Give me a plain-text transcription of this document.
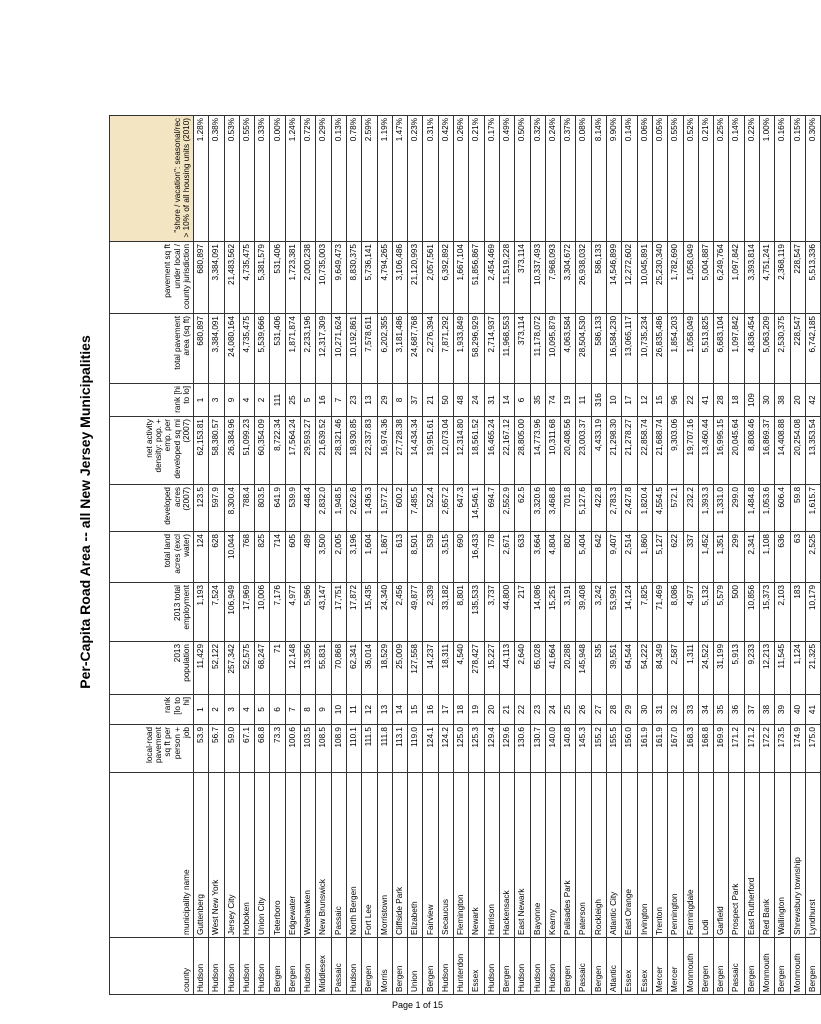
Per-Capita Road Area -- all New Jersey Municipalities
county	municipality name	local-road pavement sq ft per person + job	rank [lo to hi]	2013 population	2013 total employment	total land acres (excl water)	developed acres (2007)	net activity density: pop. + emp. per developed sq mi (2007)	rank [hi to lo]	total pavement area (sq ft)	pavement sq ft under local / county jurisdiction	"shore / vacation": seasonal/rec > 10% of all housing units (2010)
Hudson	Guttenberg	53.9	1	11,429	1,193	124	123.5	62,153.81	1	680,897	680,897	1.28%
Hudson	West New York	56.7	2	52,122	7,524	628	597.9	58,380.57	3	3,384,091	3,384,091	0.38%
Hudson	Jersey City	59.0	3	257,342	106,949	10,044	8,300.4	26,384.96	9	24,080,164	21,483,562	0.53%
Hudson	Hoboken	67.1	4	52,575	17,969	768	788.4	51,099.23	4	4,735,475	4,735,475	0.55%
Hudson	Union City	68.8	5	68,247	10,006	825	803.5	60,354.09	2	5,539,666	5,381,579	0.33%
Bergen	Teterboro	73.3	6	71	7,176	714	641.9	8,722.34	111	531,406	531,406	0.00%
Bergen	Edgewater	100.6	7	12,148	4,977	605	539.9	17,564.24	25	1,871,874	1,723,381	1.24%
Hudson	Weehawken	103.5	8	13,356	5,966	489	448.4	29,593.27	5	2,233,196	2,000,238	0.72%
Middlesex	New Brunswick	108.5	9	55,831	43,147	3,500	2,832.0	21,639.52	16	12,317,309	10,735,003	0.29%
Passaic	Passaic	108.9	10	70,868	17,751	2,005	1,948.5	28,321.46	7	10,271,624	9,649,473	0.13%
Hudson	North Bergen	110.1	11	62,341	17,872	3,196	2,622.6	18,930.85	23	10,192,861	8,830,375	0.78%
Bergen	Fort Lee	111.5	12	36,014	15,435	1,604	1,436.3	22,337.83	13	7,578,611	5,736,141	2.59%
Morris	Morristown	111.8	13	18,529	24,340	1,867	1,577.2	16,974.36	29	6,202,355	4,794,265	1.19%
Bergen	Cliffside Park	113.1	14	25,009	2,456	613	600.2	27,728.38	8	3,181,486	3,106,486	1.47%
Union	Elizabeth	119.0	15	127,558	49,877	8,501	7,485.5	14,434.34	37	24,687,768	21,120,993	0.23%
Bergen	Fairview	124.1	16	14,237	2,339	539	522.4	19,951.61	21	2,276,394	2,057,561	0.31%
Hudson	Secaucus	124.2	17	18,311	33,182	3,515	2,657.2	12,073.04	50	7,871,292	6,392,892	0.42%
Hunterdon	Flemington	125.0	18	4,540	8,801	690	647.3	12,314.80	48	1,933,849	1,667,104	0.26%
Essex	Newark	125.3	19	278,427	135,533	16,433	14,546.1	18,561.52	24	58,296,929	51,856,867	0.21%
Hudson	Harrison	129.4	20	15,227	3,737	778	694.7	16,465.24	31	2,714,937	2,454,469	0.17%
Bergen	Hackensack	129.6	21	44,113	44,800	2,671	2,552.9	22,167.12	14	11,968,553	11,519,228	0.49%
Hudson	East Newark	130.6	22	2,640	217	633	62.5	28,805.00	6	373,114	373,114	0.50%
Hudson	Bayonne	130.7	23	65,028	14,086	3,664	3,320.6	14,773.96	35	11,178,072	10,337,493	0.32%
Hudson	Kearny	140.0	24	41,664	15,251	4,804	3,468.8	10,311.68	74	10,095,879	7,968,093	0.24%
Bergen	Palisades Park	140.8	25	20,288	3,191	802	701.8	20,408.56	19	4,063,584	3,304,672	0.37%
Passaic	Paterson	145.3	26	145,948	39,408	5,404	5,127.6	23,003.37	11	28,504,530	26,938,032	0.08%
Bergen	Rockleigh	155.2	27	535	3,242	642	422.8	4,433.19	316	586,133	586,133	8.14%
Atlantic	Atlantic City	155.5	28	39,551	53,991	9,407	2,783.3	21,298.30	10	16,584,230	14,546,899	9.90%
Essex	East Orange	156.0	29	64,544	14,124	2,514	2,427.8	21,278.27	17	13,065,117	12,272,602	0.14%
Essex	Irvington	161.9	30	54,222	7,825	1,860	1,820.4	22,858.74	12	10,735,234	10,045,891	0.06%
Mercer	Trenton	161.9	31	84,349	71,469	5,127	4,554.5	21,688.74	15	26,835,486	25,230,340	0.05%
Mercer	Pennington	167.0	32	2,587	8,086	622	572.1	9,303.06	96	1,854,203	1,782,690	0.55%
Monmouth	Farmingdale	168.3	33	1,311	4,977	337	232.2	19,707.16	22	1,058,049	1,058,049	0.52%
Bergen	Lodi	168.8	34	24,522	5,132	1,452	1,393.3	13,460.44	41	5,513,825	5,004,887	0.21%
Bergen	Garfield	169.9	35	31,199	5,579	1,351	1,331.0	16,995.15	28	6,683,104	6,249,764	0.25%
Passaic	Prospect Park	171.2	36	5,913	500	299	299.0	20,045.64	18	1,097,842	1,097,842	0.14%
Bergen	East Rutherford	171.2	37	9,233	10,856	2,341	1,484.8	8,808.46	109	4,836,454	3,393,814	0.22%
Monmouth	Red Bank	172.2	38	12,213	15,373	1,108	1,053.6	16,869.37	30	5,063,209	4,751,241	1.00%
Bergen	Wallington	173.5	39	11,545	2,103	636	606.4	14,408.88	38	2,530,375	2,368,119	0.16%
Monmouth	Shrewsbury township	174.9	40	1,124	183	63	59.8	20,254.08	20	228,547	228,547	0.15%
Bergen	Lyndhurst	175.0	41	21,325	10,179	2,525	1,615.7	13,353.54	42	6,742,185	5,513,336	0.30%
Page 1 of 15
